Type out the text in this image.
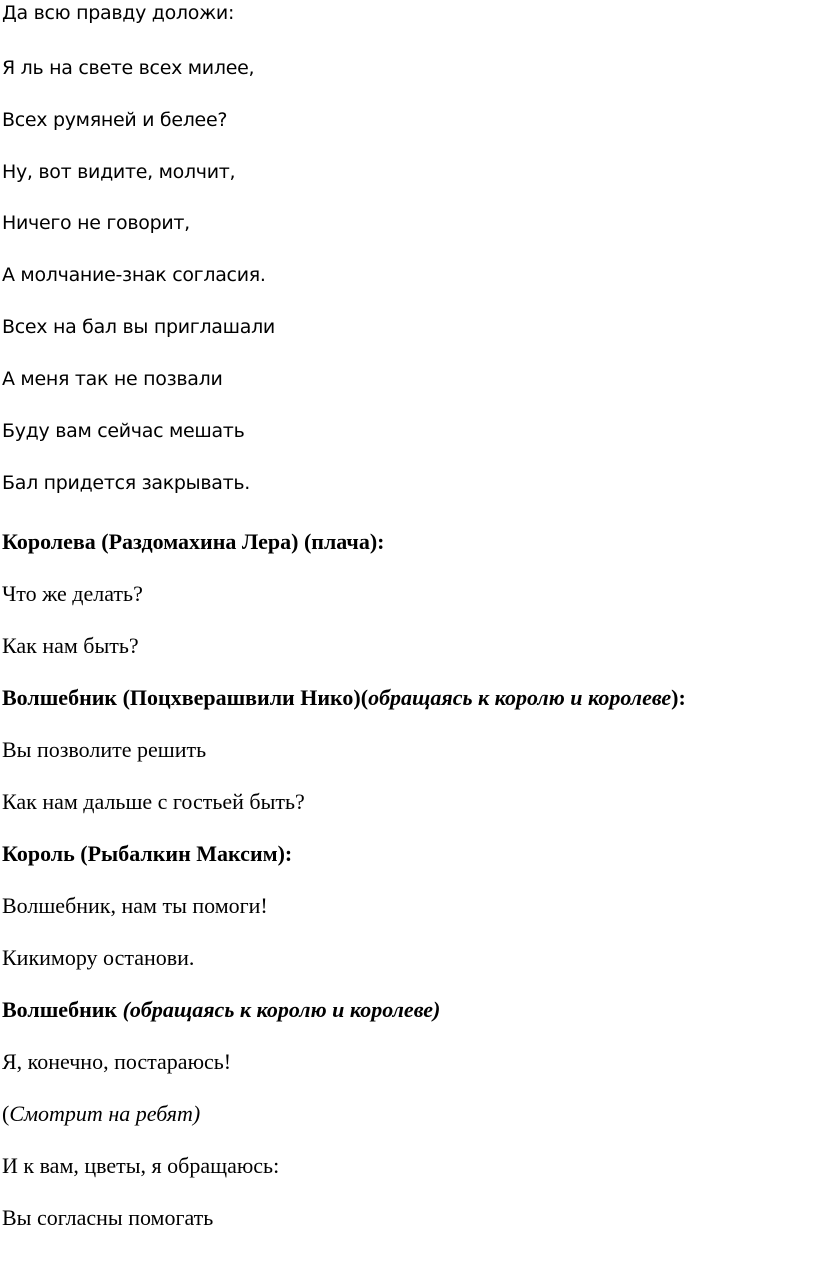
Да всю правду доложи:

Я ль на свете всех милее,

Всех румяней и белее?

Ну, вот видите, молчит,

Ничего не говорит,

А молчание-знак согласия.

Всех на бал вы приглашали

А меня так не позвали

Буду вам сейчас мешать

Бал придется закрывать.

Королева (Раздомахина Лера) (плача):

Что же делать?

Как нам быть?

Волшебник (Поцхверашвили Нико)(обращаясь к королю и королеве):

Вы позволите решить

Как нам дальше с гостьей быть?

Король (Рыбалкин Максим):

Волшебник, нам ты помоги!

Кикимору останови.

Волшебник (обращаясь к королю и королеве)

Я, конечно, постараюсь!

(Смотрит на ребят)

И к вам, цветы, я обращаюсь:

Вы согласны помогать
